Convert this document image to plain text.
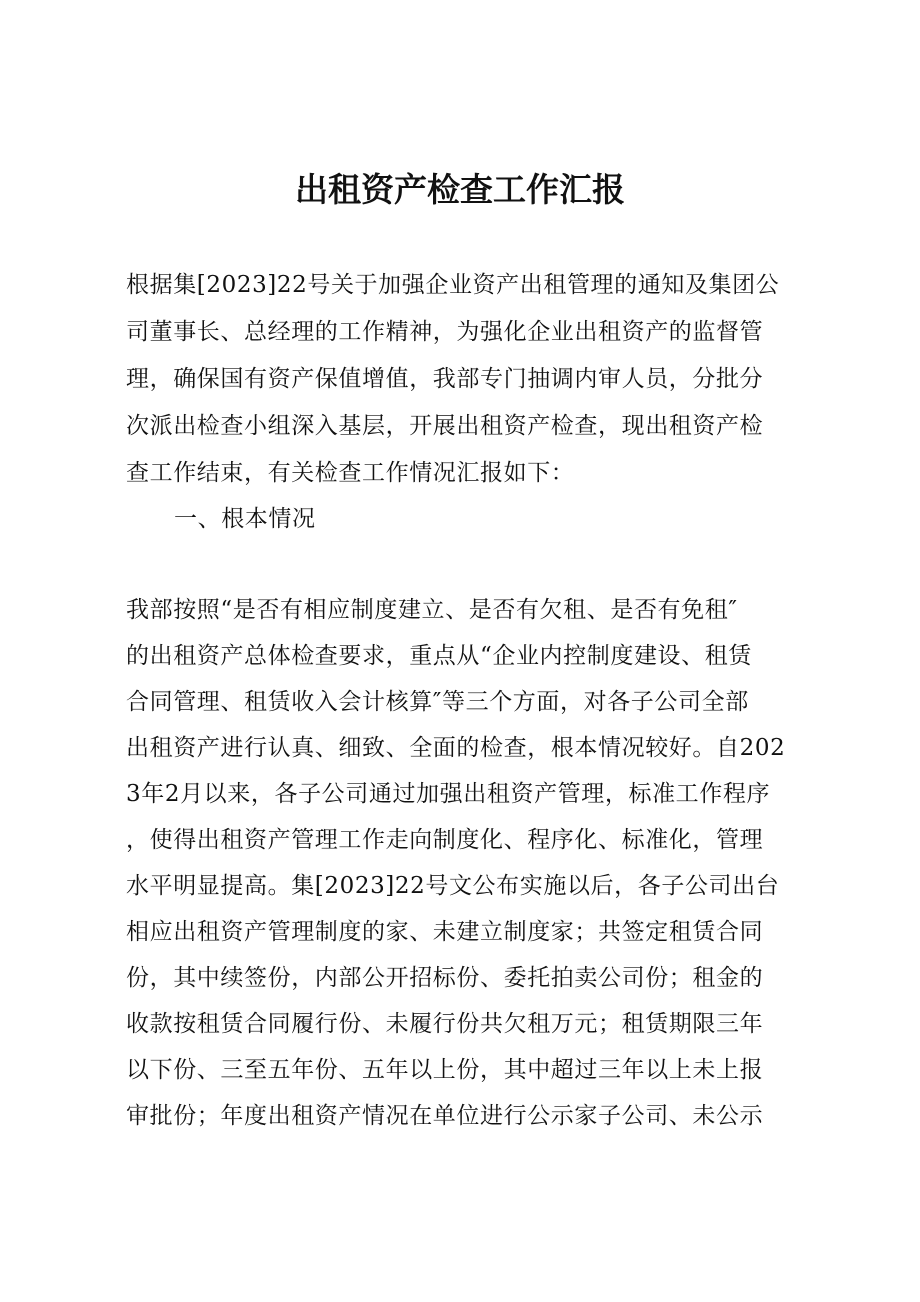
出租资产检查工作汇报
根据集[2023]22号关于加强企业资产出租管理的通知及集团公
司董事长、总经理的工作精神，为强化企业出租资产的监督管
理，确保国有资产保值增值，我部专门抽调内审人员，分批分
次派出检查小组深入基层，开展出租资产检查，现出租资产检
查工作结束，有关检查工作情况汇报如下：
一、根本情况
我部按照“是否有相应制度建立、是否有欠租、是否有免租″
的出租资产总体检查要求，重点从“企业内控制度建设、租赁
合同管理、租赁收入会计核算″等三个方面，对各子公司全部
出租资产进行认真、细致、全面的检查，根本情况较好。自202
3年2月以来，各子公司通过加强出租资产管理，标准工作程序
，使得出租资产管理工作走向制度化、程序化、标准化，管理
水平明显提高。集[2023]22号文公布实施以后，各子公司出台
相应出租资产管理制度的家、未建立制度家；共签定租赁合同
份，其中续签份，内部公开招标份、委托拍卖公司份；租金的
收款按租赁合同履行份、未履行份共欠租万元；租赁期限三年
以下份、三至五年份、五年以上份，其中超过三年以上未上报
审批份；年度出租资产情况在单位进行公示家子公司、未公示
